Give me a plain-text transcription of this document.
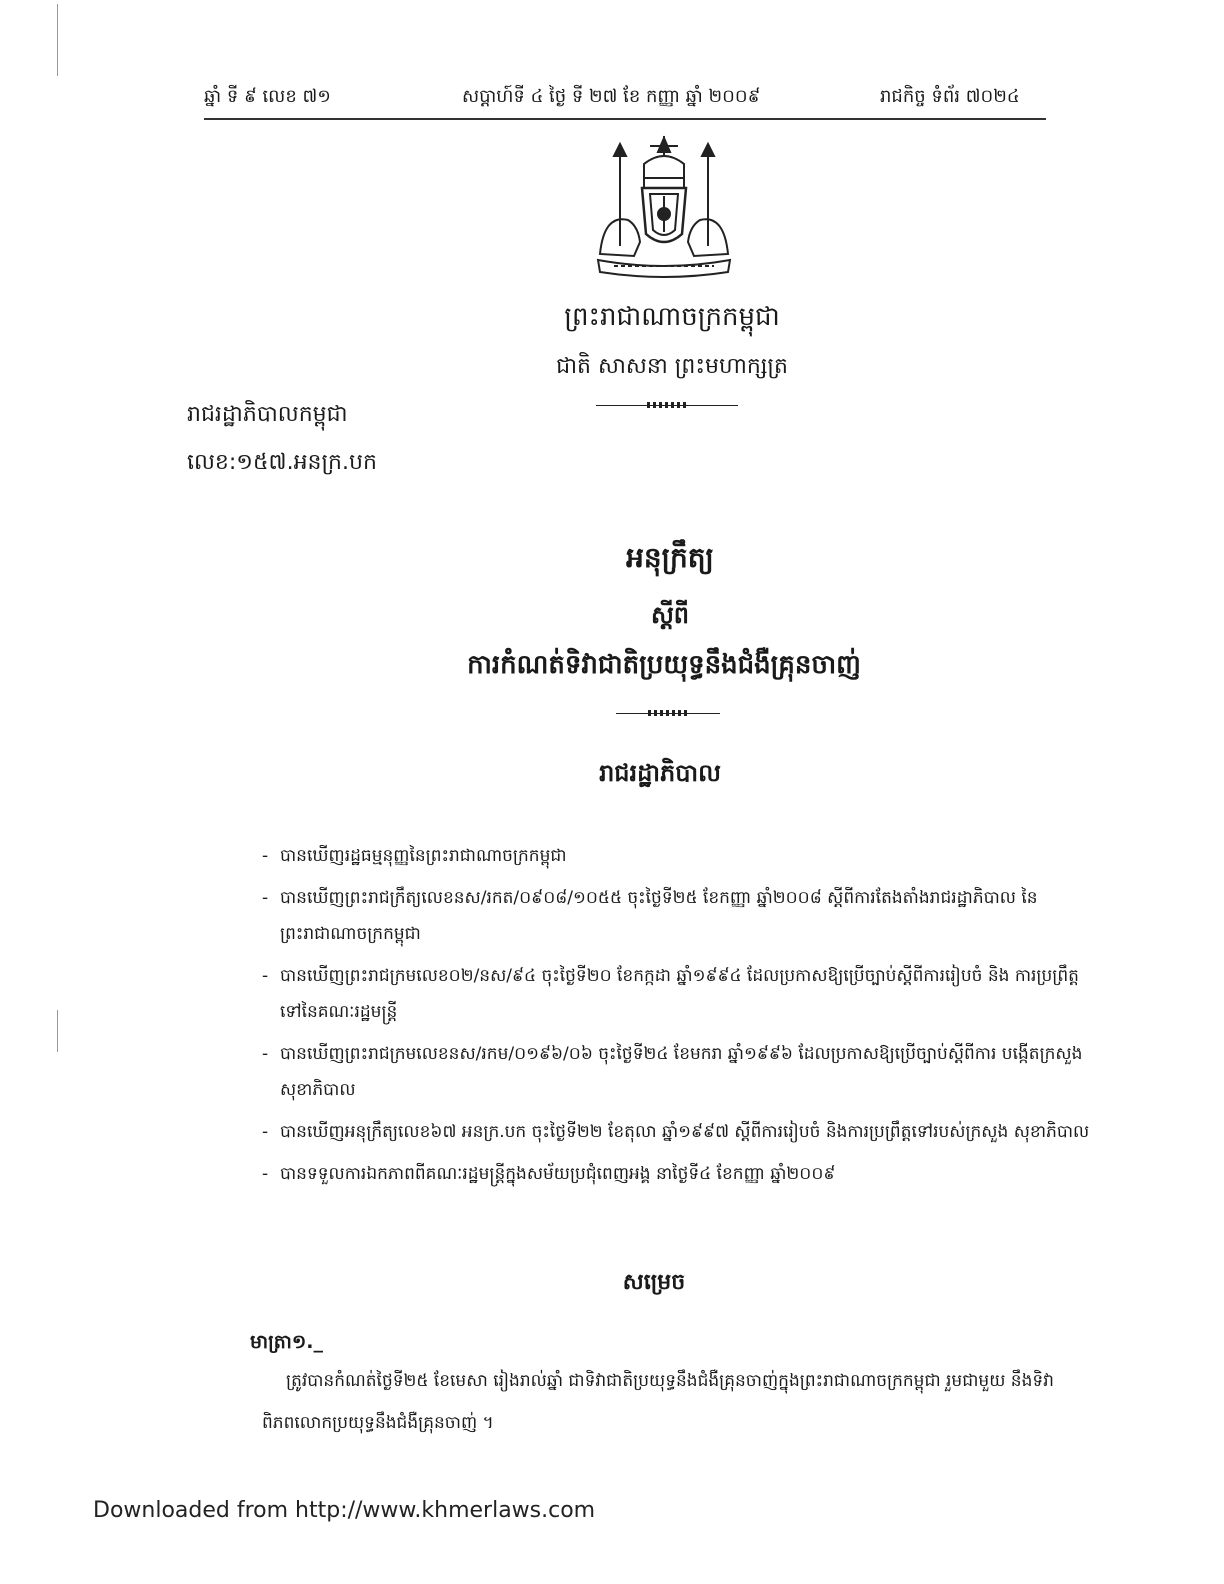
ឆ្នាំ ទី ៩ លេខ ៧១	សប្តាហ៍ទី ៤ ថ្ងៃ ទី ២៧ ខែ កញ្ញា ឆ្នាំ ២០០៩	រាជកិច្ច ទំព័រ ៧០២៤
ព្រះរាជាណាចក្រកម្ពុជា
ជាតិ សាសនា ព្រះមហាក្សត្រ
រាជរដ្ឋាភិបាលកម្ពុជា
លេខ:១៥៧.អនក្រ.បក
អនុក្រឹត្យ
ស្តីពី
ការកំណត់ទិវាជាតិប្រយុទ្ធនឹងជំងឺគ្រុនចាញ់
រាជរដ្ឋាភិបាល
- បានឃើញរដ្ឋធម្មនុញ្ញនៃព្រះរាជាណាចក្រកម្ពុជា
- បានឃើញព្រះរាជក្រឹត្យលេខនស/រកត/០៩០៨/១០៥៥ ចុះថ្ងៃទី២៥ ខែកញ្ញា ឆ្នាំ២០០៨ ស្តីពីការតែងតាំងរាជរដ្ឋាភិបាល នៃព្រះរាជាណាចក្រកម្ពុជា
- បានឃើញព្រះរាជក្រមលេខ០២/នស/៩៤ ចុះថ្ងៃទី២០ ខែកក្កដា ឆ្នាំ១៩៩៤ ដែលប្រកាសឱ្យប្រើច្បាប់ស្តីពីការរៀបចំ និង ការប្រព្រឹត្តទៅនៃគណៈរដ្ឋមន្ត្រី
- បានឃើញព្រះរាជក្រមលេខនស/រកម/០១៩៦/០៦ ចុះថ្ងៃទី២៤ ខែមករា ឆ្នាំ១៩៩៦ ដែលប្រកាសឱ្យប្រើច្បាប់ស្តីពីការ បង្កើតក្រសួងសុខាភិបាល
- បានឃើញអនុក្រឹត្យលេខ៦៧ អនក្រ.បក ចុះថ្ងៃទី២២ ខែតុលា ឆ្នាំ១៩៩៧ ស្តីពីការរៀបចំ និងការប្រព្រឹត្តទៅរបស់ក្រសួង សុខាភិបាល
- បានទទួលការឯកភាពពីគណៈរដ្ឋមន្ត្រីក្នុងសម័យប្រជុំពេញអង្គ នាថ្ងៃទី៤ ខែកញ្ញា ឆ្នាំ២០០៩
សម្រេច
មាត្រា១._
ត្រូវបានកំណត់ថ្ងៃទី២៥ ខែមេសា រៀងរាល់ឆ្នាំ ជាទិវាជាតិប្រយុទ្ធនឹងជំងឺគ្រុនចាញ់ក្នុងព្រះរាជាណាចក្រកម្ពុជា រួមជាមួយ នឹងទិវាពិភពលោកប្រយុទ្ធនឹងជំងឺគ្រុនចាញ់ ។
Downloaded from http://www.khmerlaws.com
